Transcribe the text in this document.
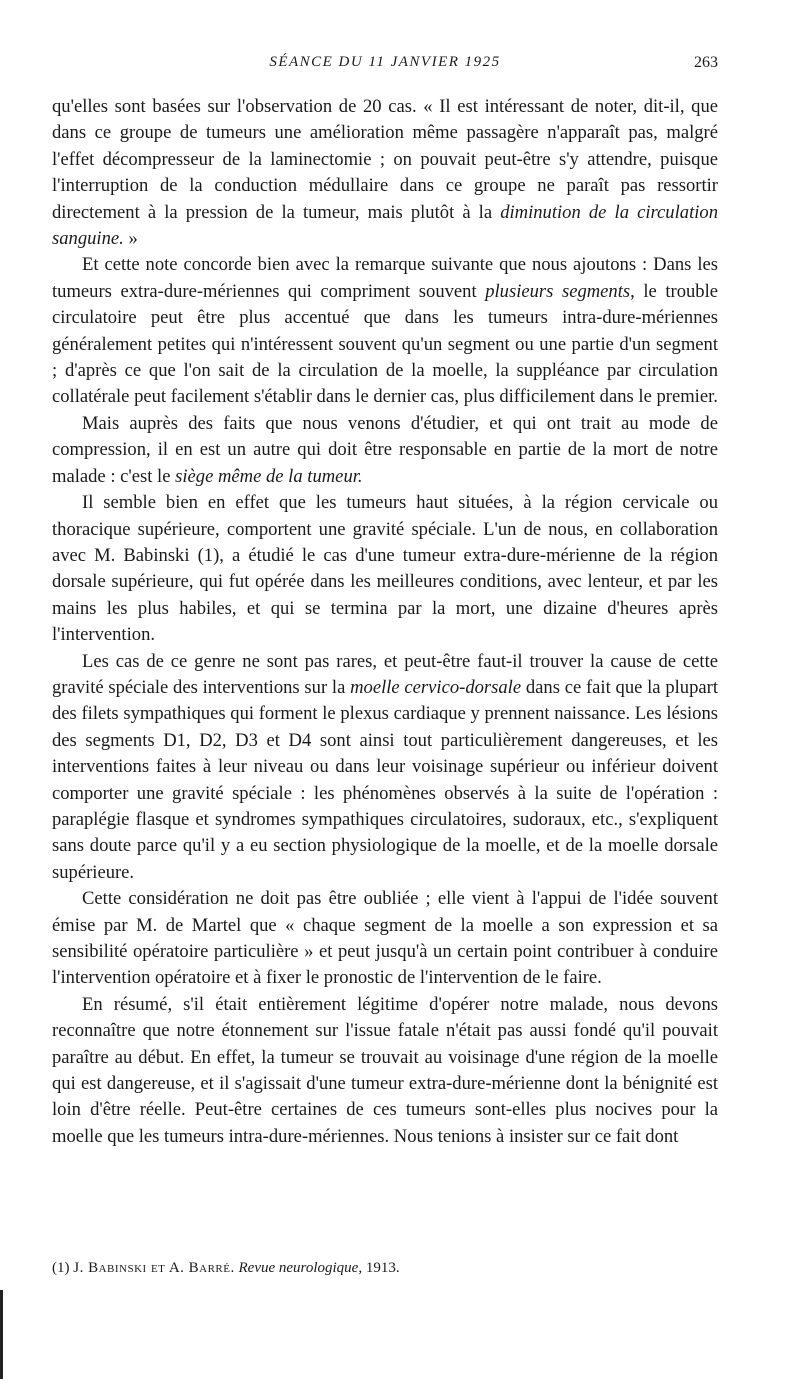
SÉANCE DU 11 JANVIER 1925	263

qu'elles sont basées sur l'observation de 20 cas. « Il est intéressant de noter, dit-il, que dans ce groupe de tumeurs une amélioration même passagère n'apparaît pas, malgré l'effet décompresseur de la laminectomie ; on pouvait peut-être s'y attendre, puisque l'interruption de la conduction médullaire dans ce groupe ne paraît pas ressortir directement à la pression de la tumeur, mais plutôt à la diminution de la circulation sanguine. »

Et cette note concorde bien avec la remarque suivante que nous ajoutons : Dans les tumeurs extra-dure-mériennes qui compriment souvent plusieurs segments, le trouble circulatoire peut être plus accentué que dans les tumeurs intra-dure-mériennes généralement petites qui n'intéressent souvent qu'un segment ou une partie d'un segment ; d'après ce que l'on sait de la circulation de la moelle, la suppléance par circulation collatérale peut facilement s'établir dans le dernier cas, plus difficilement dans le premier.

Mais auprès des faits que nous venons d'étudier, et qui ont trait au mode de compression, il en est un autre qui doit être responsable en partie de la mort de notre malade : c'est le siège même de la tumeur.

Il semble bien en effet que les tumeurs haut situées, à la région cervicale ou thoracique supérieure, comportent une gravité spéciale. L'un de nous, en collaboration avec M. Babinski (1), a étudié le cas d'une tumeur extra-dure-mérienne de la région dorsale supérieure, qui fut opérée dans les meilleures conditions, avec lenteur, et par les mains les plus habiles, et qui se termina par la mort, une dizaine d'heures après l'intervention.

Les cas de ce genre ne sont pas rares, et peut-être faut-il trouver la cause de cette gravité spéciale des interventions sur la moelle cervico-dorsale dans ce fait que la plupart des filets sympathiques qui forment le plexus cardiaque y prennent naissance. Les lésions des segments D1, D2, D3 et D4 sont ainsi tout particulièrement dangereuses, et les interventions faites à leur niveau ou dans leur voisinage supérieur ou inférieur doivent comporter une gravité spéciale : les phénomènes observés à la suite de l'opération : paraplégie flasque et syndromes sympathiques circulatoires, sudoraux, etc., s'expliquent sans doute parce qu'il y a eu section physiologique de la moelle, et de la moelle dorsale supérieure.

Cette considération ne doit pas être oubliée ; elle vient à l'appui de l'idée souvent émise par M. de Martel que « chaque segment de la moelle a son expression et sa sensibilité opératoire particulière » et peut jusqu'à un certain point contribuer à conduire l'intervention opératoire et à fixer le pronostic de l'intervention de le faire.

En résumé, s'il était entièrement légitime d'opérer notre malade, nous devons reconnaître que notre étonnement sur l'issue fatale n'était pas aussi fondé qu'il pouvait paraître au début. En effet, la tumeur se trouvait au voisinage d'une région de la moelle qui est dangereuse, et il s'agissait d'une tumeur extra-dure-mérienne dont la bénignité est loin d'être réelle. Peut-être certaines de ces tumeurs sont-elles plus nocives pour la moelle que les tumeurs intra-dure-mériennes. Nous tenions à insister sur ce fait dont

(1) J. Babinski et A. Barré. Revue neurologique, 1913.
